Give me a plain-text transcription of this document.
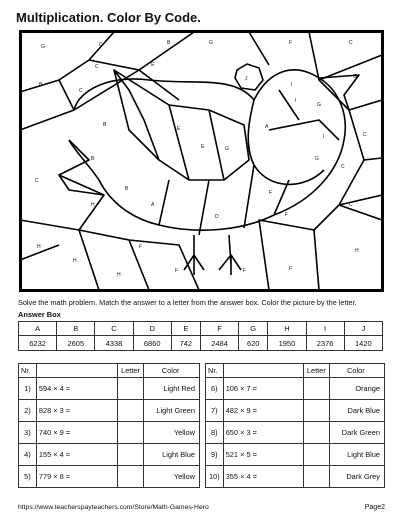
Multiplication. Color By Code.
G	C	B	G
E
C
B
F
J
C
G
I
G
I
C
E	A
B
B
E
C
G
C
G
C
B
A
F
C
D
H
I
F
F
F	F
H
H
H
H
F
Solve the math problem. Match the answer to a letter from the answer box. Color the picture by the letter.
Answer Box
A	B	C	D	E	F	G	H	I	J
6232	2605	4338	6860	742	2484	620	1950	2376	1420
Nr.		Letter	Color
1)	594 × 4 =		Light Red
2)	828 × 3 =		Light Green
3)	740 × 9 =		Yellow
4)	155 × 4 =		Light Blue
5)	779 × 8 =		Yellow
Nr.		Letter	Color
6)	106 × 7 =		Orange
7)	482 × 9 =		Dark Blue
8)	650 × 3 =		Dark Green
9)	521 × 5 =		Light Blue
10)	355 × 4 =		Dark Grey
https://www.teacherspayteachers.com/Store/Math-Games-Hero	Page2
